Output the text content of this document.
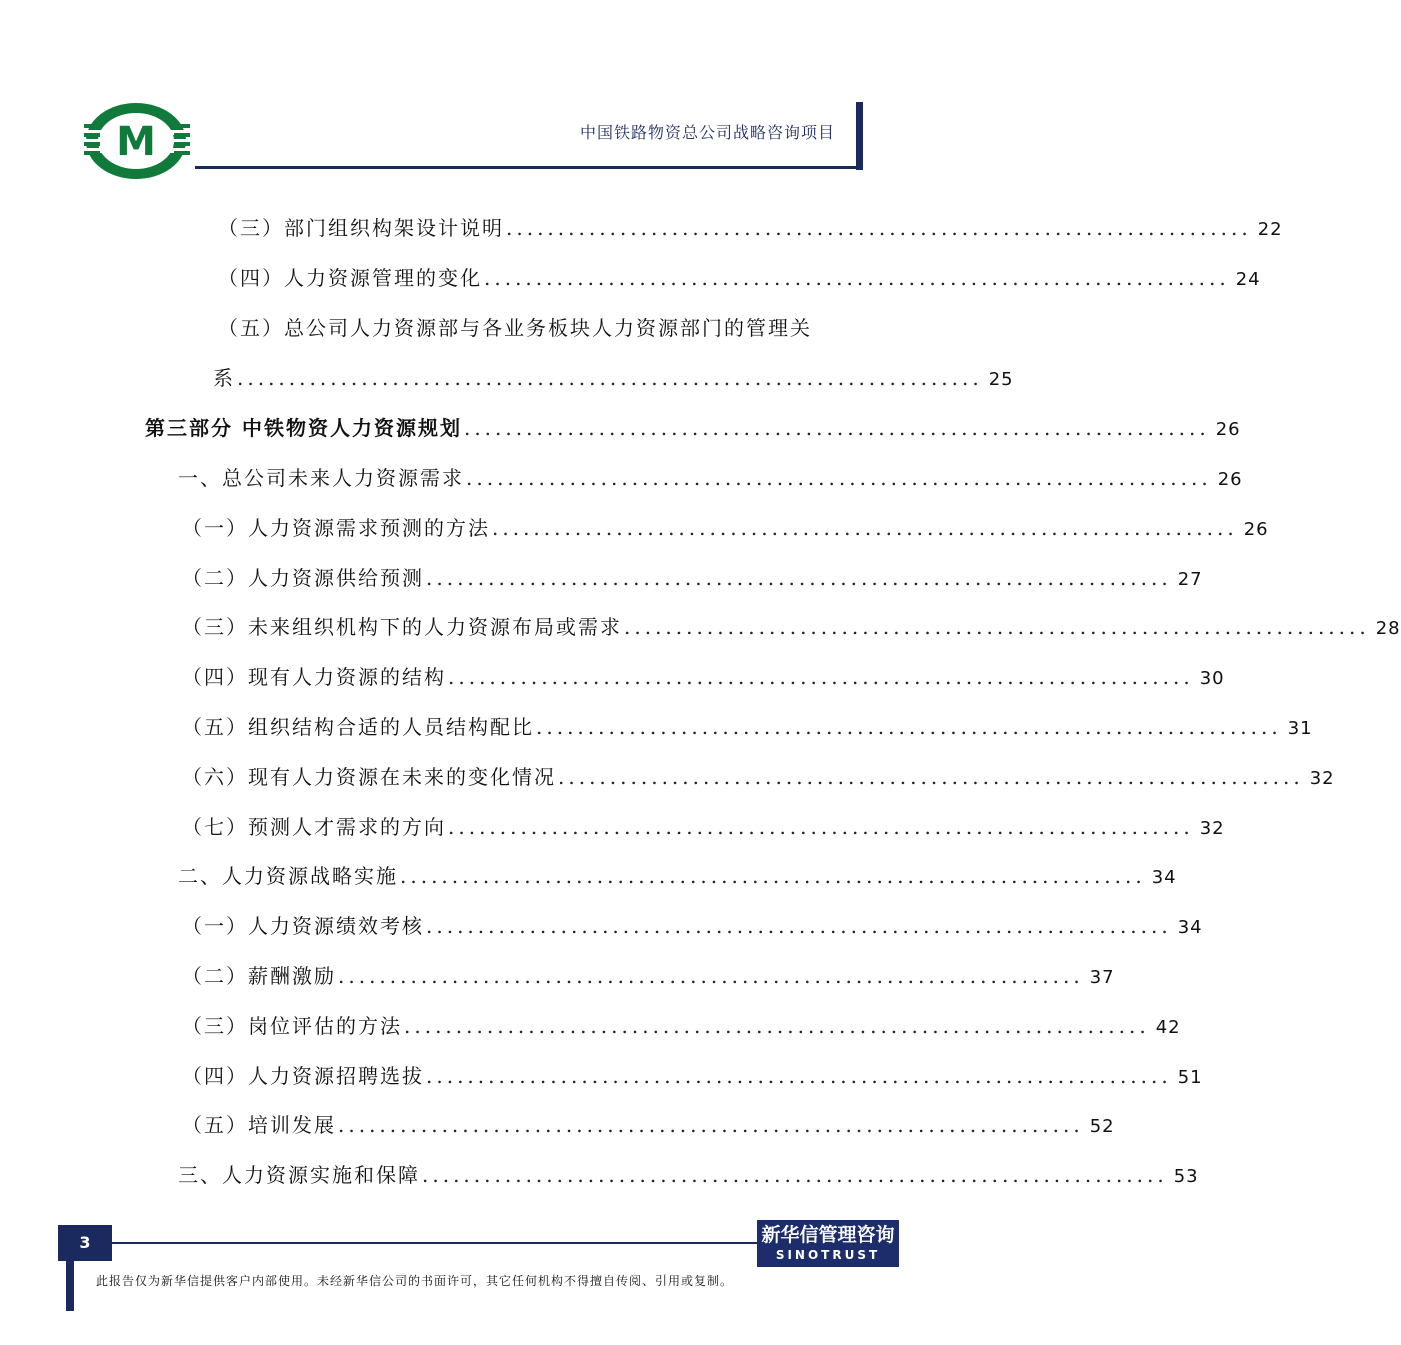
M	中国铁路物资总公司战略咨询项目
（三）部门组织构架设计说明 ........................................................................ 22
（四）人力资源管理的变化 ........................................................................ 24
（五）总公司人力资源部与各业务板块人力资源部门的管理关
系 ........................................................................ 25
第三部分 中铁物资人力资源规划 ........................................................................ 26
一、总公司未来人力资源需求 ........................................................................ 26
（一）人力资源需求预测的方法 ........................................................................ 26
（二）人力资源供给预测 ........................................................................ 27
（三）未来组织机构下的人力资源布局或需求 ........................................................................ 28
（四）现有人力资源的结构 ........................................................................ 30
（五）组织结构合适的人员结构配比 ........................................................................ 31
（六）现有人力资源在未来的变化情况 ........................................................................ 32
（七）预测人才需求的方向 ........................................................................ 32
二、人力资源战略实施 ........................................................................ 34
（一）人力资源绩效考核 ........................................................................ 34
（二）薪酬激励 ........................................................................ 37
（三）岗位评估的方法 ........................................................................ 42
（四）人力资源招聘选拔 ........................................................................ 51
（五）培训发展 ........................................................................ 52
三、人力资源实施和保障 ........................................................................ 53
3	新华信管理咨询
SINOTRUST
此报告仅为新华信提供客户内部使用。未经新华信公司的书面许可，其它任何机构不得擅自传阅、引用或复制。
